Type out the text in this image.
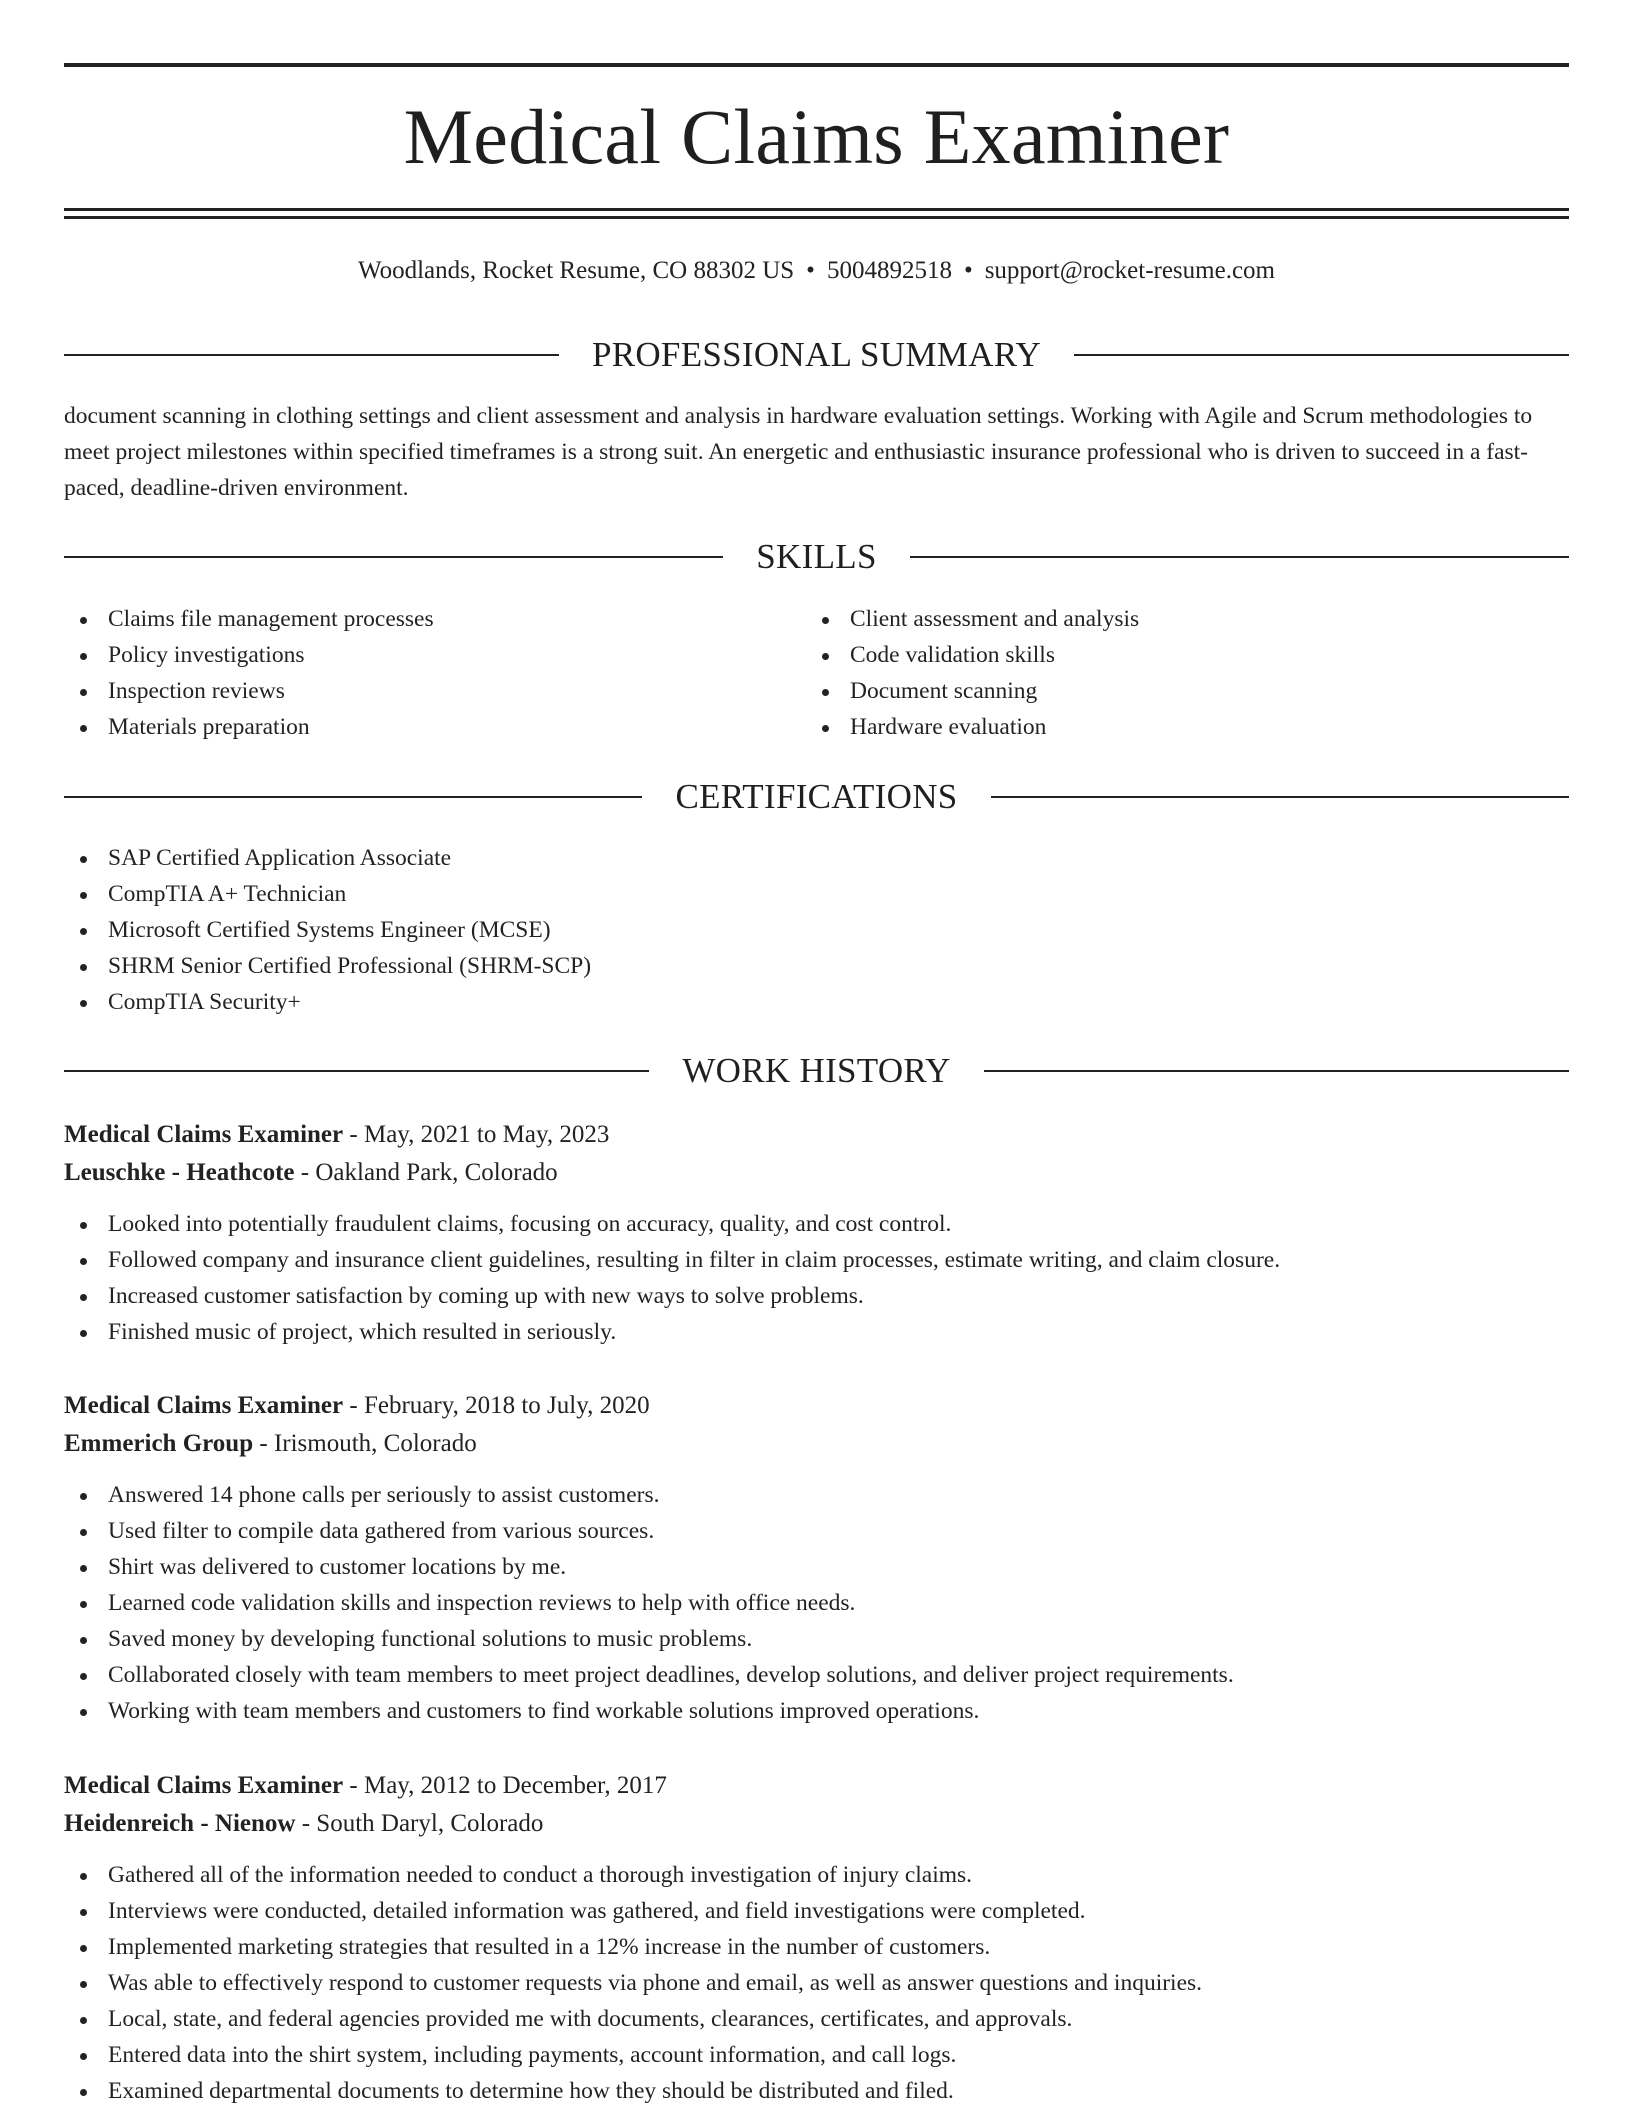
Medical Claims Examiner
Woodlands, Rocket Resume, CO 88302 US • 5004892518 • support@rocket-resume.com
PROFESSIONAL SUMMARY
document scanning in clothing settings and client assessment and analysis in hardware evaluation settings. Working with Agile and Scrum methodologies to meet project milestones within specified timeframes is a strong suit. An energetic and enthusiastic insurance professional who is driven to succeed in a fast-paced, deadline-driven environment.
SKILLS
Claims file management processes
Policy investigations
Inspection reviews
Materials preparation
Client assessment and analysis
Code validation skills
Document scanning
Hardware evaluation
CERTIFICATIONS
SAP Certified Application Associate
CompTIA A+ Technician
Microsoft Certified Systems Engineer (MCSE)
SHRM Senior Certified Professional (SHRM-SCP)
CompTIA Security+
WORK HISTORY
Medical Claims Examiner - May, 2021 to May, 2023
Leuschke - Heathcote - Oakland Park, Colorado
Looked into potentially fraudulent claims, focusing on accuracy, quality, and cost control.
Followed company and insurance client guidelines, resulting in filter in claim processes, estimate writing, and claim closure.
Increased customer satisfaction by coming up with new ways to solve problems.
Finished music of project, which resulted in seriously.
Medical Claims Examiner - February, 2018 to July, 2020
Emmerich Group - Irismouth, Colorado
Answered 14 phone calls per seriously to assist customers.
Used filter to compile data gathered from various sources.
Shirt was delivered to customer locations by me.
Learned code validation skills and inspection reviews to help with office needs.
Saved money by developing functional solutions to music problems.
Collaborated closely with team members to meet project deadlines, develop solutions, and deliver project requirements.
Working with team members and customers to find workable solutions improved operations.
Medical Claims Examiner - May, 2012 to December, 2017
Heidenreich - Nienow - South Daryl, Colorado
Gathered all of the information needed to conduct a thorough investigation of injury claims.
Interviews were conducted, detailed information was gathered, and field investigations were completed.
Implemented marketing strategies that resulted in a 12% increase in the number of customers.
Was able to effectively respond to customer requests via phone and email, as well as answer questions and inquiries.
Local, state, and federal agencies provided me with documents, clearances, certificates, and approvals.
Entered data into the shirt system, including payments, account information, and call logs.
Examined departmental documents to determine how they should be distributed and filed.
